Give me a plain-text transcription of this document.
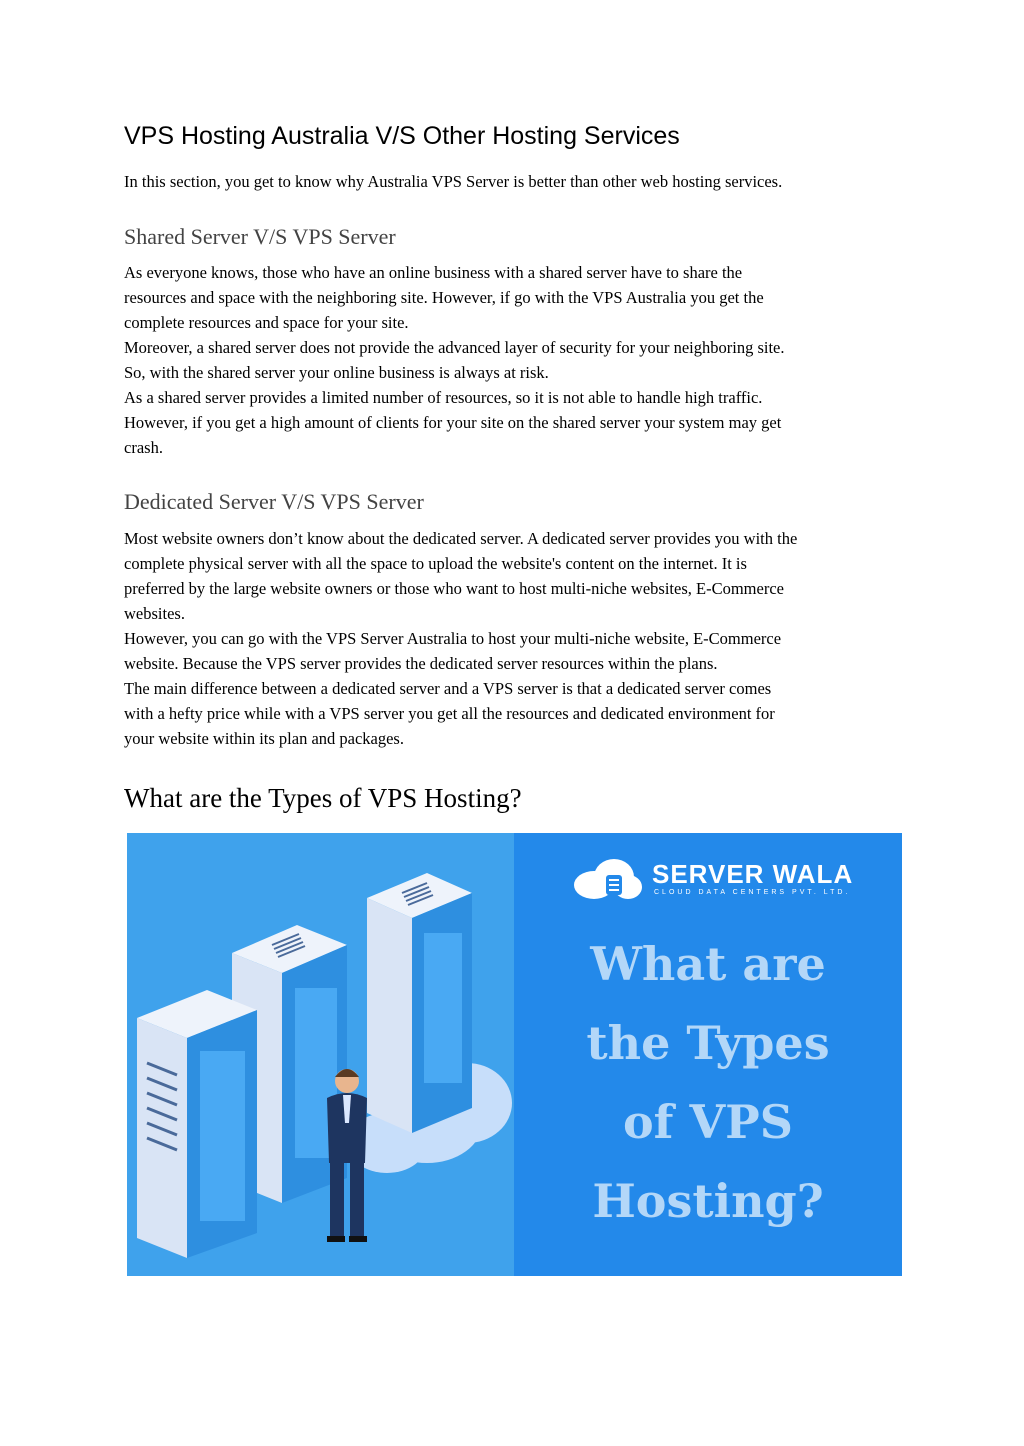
VPS Hosting Australia V/S Other Hosting Services

In this section, you get to know why Australia VPS Server is better than other web hosting services.

Shared Server V/S VPS Server
As everyone knows, those who have an online business with a shared server have to share the
resources and space with the neighboring site. However, if go with the VPS Australia you get the
complete resources and space for your site.
Moreover, a shared server does not provide the advanced layer of security for your neighboring site.
So, with the shared server your online business is always at risk.
As a shared server provides a limited number of resources, so it is not able to handle high traffic.
However, if you get a high amount of clients for your site on the shared server your system may get
crash.
Dedicated Server V/S VPS Server
Most website owners don’t know about the dedicated server. A dedicated server provides you with the
complete physical server with all the space to upload the website's content on the internet. It is
preferred by the large website owners or those who want to host multi-niche websites, E-Commerce
websites.
However, you can go with the VPS Server Australia to host your multi-niche website, E-Commerce
website. Because the VPS server provides the dedicated server resources within the plans.
The main difference between a dedicated server and a VPS server is that a dedicated server comes
with a hefty price while with a VPS server you get all the resources and dedicated environment for
your website within its plan and packages.
What are the Types of VPS Hosting?
SERVER WALA
CLOUD DATA CENTERS PVT. LTD.
What are
the Types
of VPS
Hosting?
